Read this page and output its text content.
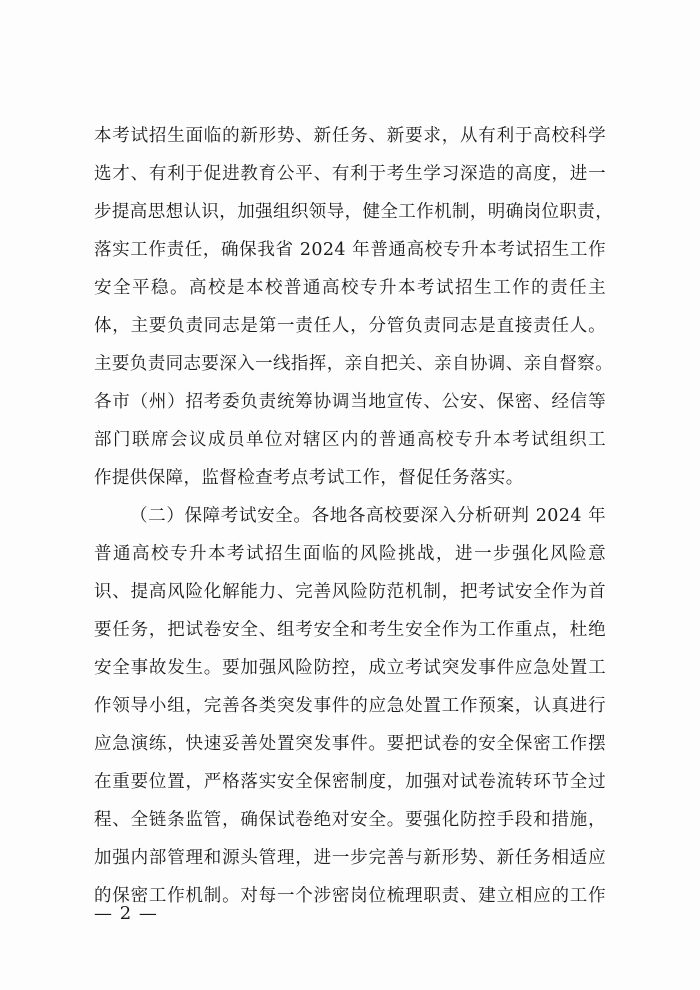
本考试招生面临的新形势、新任务、新要求，从有利于高校科学
选才、有利于促进教育公平、有利于考生学习深造的高度，进一
步提高思想认识，加强组织领导，健全工作机制，明确岗位职责，
落实工作责任，确保我省 2024 年普通高校专升本考试招生工作
安全平稳。高校是本校普通高校专升本考试招生工作的责任主
体，主要负责同志是第一责任人，分管负责同志是直接责任人。
主要负责同志要深入一线指挥，亲自把关、亲自协调、亲自督察。
各市（州）招考委负责统筹协调当地宣传、公安、保密、经信等
部门联席会议成员单位对辖区内的普通高校专升本考试组织工
作提供保障，监督检查考点考试工作，督促任务落实。
（二）保障考试安全。各地各高校要深入分析研判 2024 年
普通高校专升本考试招生面临的风险挑战，进一步强化风险意
识、提高风险化解能力、完善风险防范机制，把考试安全作为首
要任务，把试卷安全、组考安全和考生安全作为工作重点，杜绝
安全事故发生。要加强风险防控，成立考试突发事件应急处置工
作领导小组，完善各类突发事件的应急处置工作预案，认真进行
应急演练，快速妥善处置突发事件。要把试卷的安全保密工作摆
在重要位置，严格落实安全保密制度，加强对试卷流转环节全过
程、全链条监管，确保试卷绝对安全。要强化防控手段和措施，
加强内部管理和源头管理，进一步完善与新形势、新任务相适应
的保密工作机制。对每一个涉密岗位梳理职责、建立相应的工作
— 2 —
